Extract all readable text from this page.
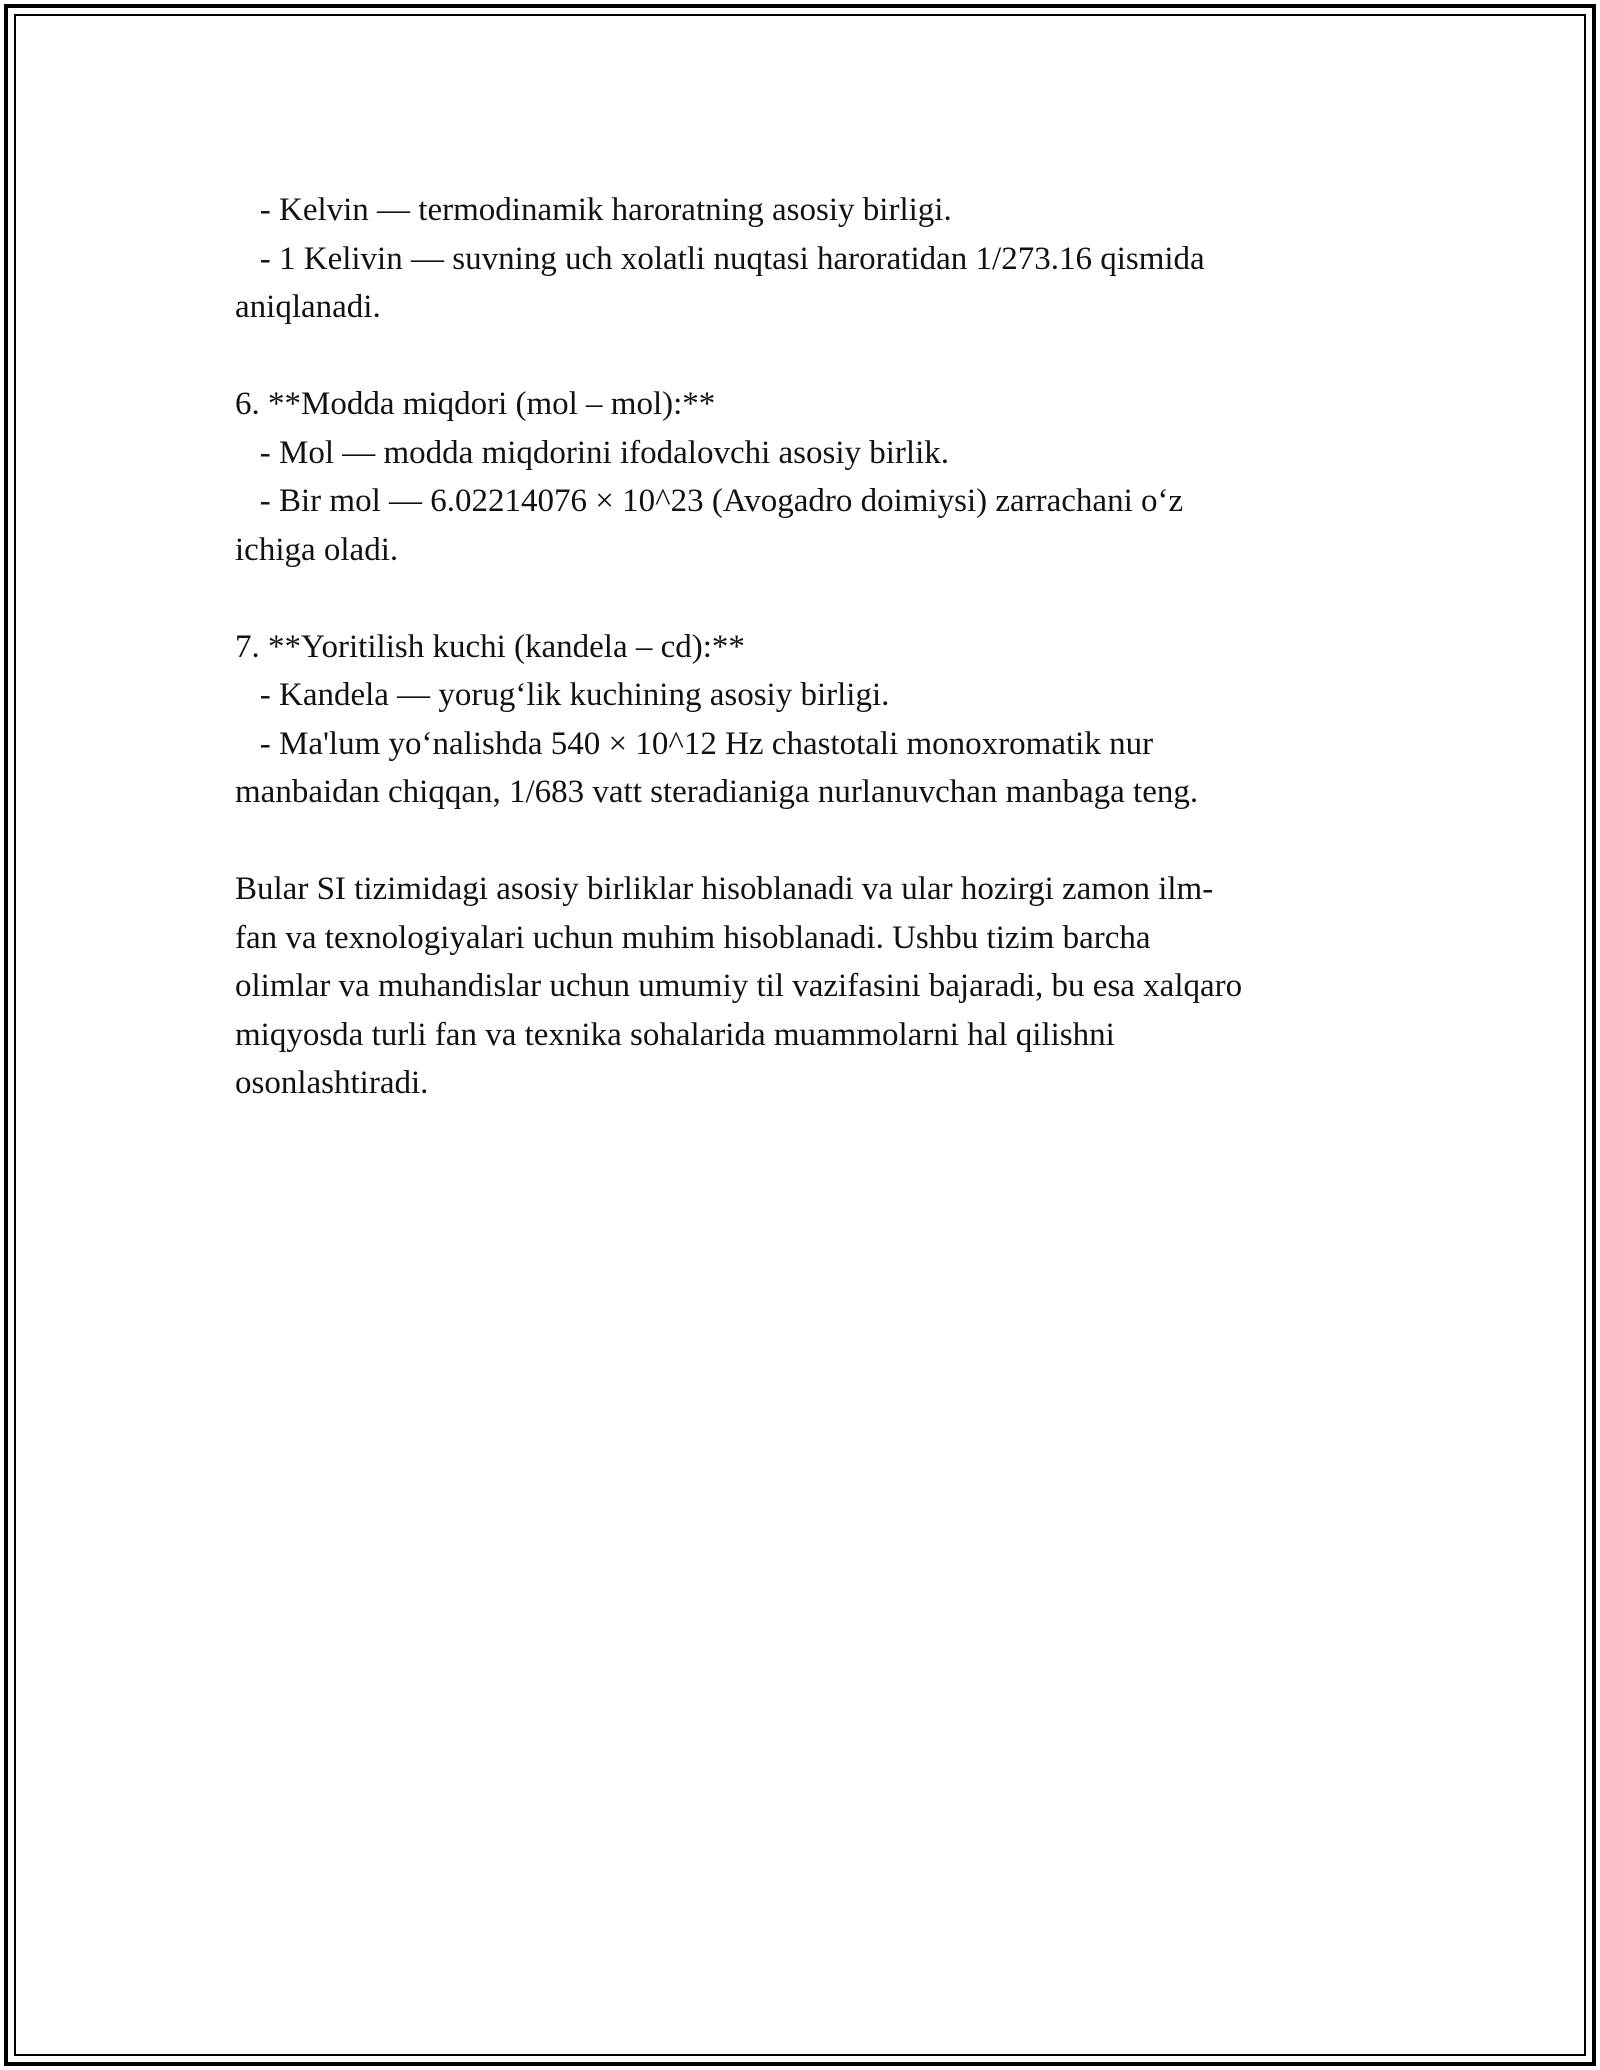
- Kelvin — termodinamik haroratning asosiy birligi.
- 1 Kelivin — suvning uch xolatli nuqtasi haroratidan 1/273.16 qismida
aniqlanadi.
6. **Modda miqdori (mol – mol):**
- Mol — modda miqdorini ifodalovchi asosiy birlik.
- Bir mol — 6.02214076 × 10^23 (Avogadro doimiysi) zarrachani o‘z
ichiga oladi.
7. **Yoritilish kuchi (kandela – cd):**
- Kandela — yorug‘lik kuchining asosiy birligi.
- Ma'lum yo‘nalishda 540 × 10^12 Hz chastotali monoxromatik nur
manbaidan chiqqan, 1/683 vatt steradianiga nurlanuvchan manbaga teng.
Bular SI tizimidagi asosiy birliklar hisoblanadi va ular hozirgi zamon ilm-
fan va texnologiyalari uchun muhim hisoblanadi. Ushbu tizim barcha
olimlar va muhandislar uchun umumiy til vazifasini bajaradi, bu esa xalqaro
miqyosda turli fan va texnika sohalarida muammolarni hal qilishni
osonlashtiradi.
